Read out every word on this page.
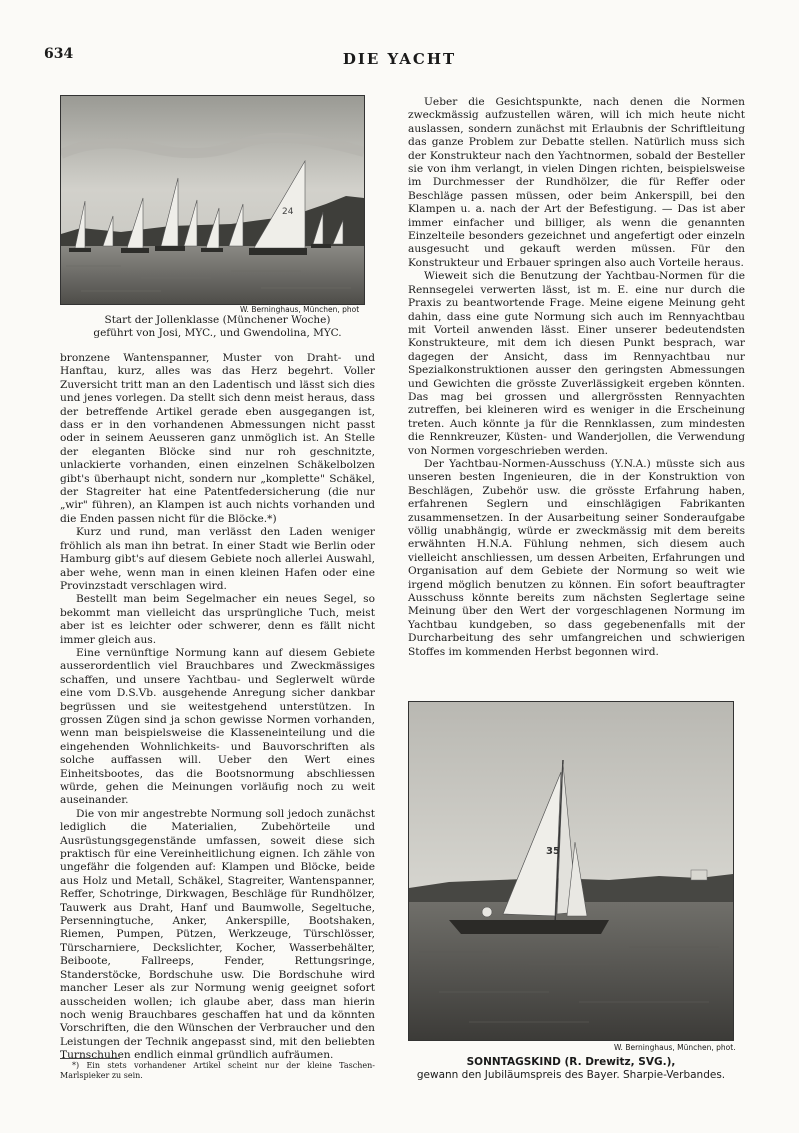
634	DIE YACHT
24
W. Berninghaus, München, phot
Start der Jollenklasse (Münchener Woche)
geführt von Josi, MYC., und Gwendolina, MYC.

bronzene Wantenspanner, Muster von Draht- und Hanftau, kurz, alles was das Herz begehrt. Voller Zuversicht tritt man an den Ladentisch und lässt sich dies und jenes vorlegen. Da stellt sich denn meist heraus, dass der betreffende Artikel gerade eben ausgegangen ist, dass er in den vorhandenen Abmessungen nicht passt oder in seinem Aeusseren ganz unmöglich ist. An Stelle der eleganten Blöcke sind nur roh geschnitzte, unlackierte vorhanden, einen einzelnen Schäkelbolzen gibt's überhaupt nicht, sondern nur „komplette" Schäkel, der Stagreiter hat eine Patentfedersicherung (die nur „wir" führen), an Klampen ist auch nichts vorhanden und die Enden passen nicht für die Blöcke.*)

Kurz und rund, man verlässt den Laden weniger fröhlich als man ihn betrat. In einer Stadt wie Berlin oder Hamburg gibt's auf diesem Gebiete noch allerlei Auswahl, aber wehe, wenn man in einen kleinen Hafen oder eine Provinzstadt verschlagen wird.

Bestellt man beim Segelmacher ein neues Segel, so bekommt man vielleicht das ursprüngliche Tuch, meist aber ist es leichter oder schwerer, denn es fällt nicht immer gleich aus.

Eine vernünftige Normung kann auf diesem Gebiete ausserordentlich viel Brauchbares und Zweckmässiges schaffen, und unsere Yachtbau- und Seglerwelt würde eine vom D.S.Vb. ausgehende Anregung sicher dankbar begrüssen und sie weitestgehend unterstützen. In grossen Zügen sind ja schon gewisse Normen vorhanden, wenn man beispielsweise die Klasseneinteilung und die eingehenden Wohnlichkeits- und Bauvorschriften als solche auffassen will. Ueber den Wert eines Einheitsbootes, das die Bootsnormung abschliessen würde, gehen die Meinungen vorläufig noch zu weit auseinander.

Die von mir angestrebte Normung soll jedoch zunächst lediglich die Materialien, Zubehörteile und Ausrüstungsgegenstände umfassen, soweit diese sich praktisch für eine Vereinheitlichung eignen. Ich zähle von ungefähr die folgenden auf: Klampen und Blöcke, beide aus Holz und Metall, Schäkel, Stagreiter, Wantenspanner, Reffer, Schotringe, Dirkwagen, Beschläge für Rundhölzer, Tauwerk aus Draht, Hanf und Baumwolle, Segeltuche, Persenningtuche, Anker, Ankerspille, Bootshaken, Riemen, Pumpen, Pützen, Werkzeuge, Türschlösser, Türscharniere, Deckslichter, Kocher, Wasserbehälter, Beiboote, Fallreeps, Fender, Rettungsringe, Standerstöcke, Bordschuhe usw. Die Bordschuhe wird mancher Leser als zur Normung wenig geeignet sofort ausscheiden wollen; ich glaube aber, dass man hierin noch wenig Brauchbares geschaffen hat und da könnten Vorschriften, die den Wünschen der Verbraucher und den Leistungen der Technik angepasst sind, mit den beliebten Turnschuhen endlich einmal gründlich aufräumen.

*) Ein stets vorhandener Artikel scheint nur der kleine Taschen-Marlspieker zu sein.

Ueber die Gesichtspunkte, nach denen die Normen zweckmässig aufzustellen wären, will ich mich heute nicht auslassen, sondern zunächst mit Erlaubnis der Schriftleitung das ganze Problem zur Debatte stellen. Natürlich muss sich der Konstrukteur nach den Yachtnormen, sobald der Besteller sie von ihm verlangt, in vielen Dingen richten, beispielsweise im Durchmesser der Rundhölzer, die für Reffer oder Beschläge passen müssen, oder beim Ankerspill, bei den Klampen u. a. nach der Art der Befestigung. — Das ist aber immer einfacher und billiger, als wenn die genannten Einzelteile besonders gezeichnet und angefertigt oder einzeln ausgesucht und gekauft werden müssen. Für den Konstrukteur und Erbauer springen also auch Vorteile heraus.

Wieweit sich die Benutzung der Yachtbau-Normen für die Rennsegelei verwerten lässt, ist m. E. eine nur durch die Praxis zu beantwortende Frage. Meine eigene Meinung geht dahin, dass eine gute Normung sich auch im Rennyachtbau mit Vorteil anwenden lässt. Einer unserer bedeutendsten Konstrukteure, mit dem ich diesen Punkt besprach, war dagegen der Ansicht, dass im Rennyachtbau nur Spezialkonstruktionen ausser den geringsten Abmessungen und Gewichten die grösste Zuverlässigkeit ergeben könnten. Das mag bei grossen und allergrössten Rennyachten zutreffen, bei kleineren wird es weniger in die Erscheinung treten. Auch könnte ja für die Rennklassen, zum mindesten die Rennkreuzer, Küsten- und Wanderjollen, die Verwendung von Normen vorgeschrieben werden.

Der Yachtbau-Normen-Ausschuss (Y.N.A.) müsste sich aus unseren besten Ingenieuren, die in der Konstruktion von Beschlägen, Zubehör usw. die grösste Erfahrung haben, erfahrenen Seglern und einschlägigen Fabrikanten zusammensetzen. In der Ausarbeitung seiner Sonderaufgabe völlig unabhängig, würde er zweckmässig mit dem bereits erwähnten H.N.A. Fühlung nehmen, sich diesem auch vielleicht anschliessen, um dessen Arbeiten, Erfahrungen und Organisation auf dem Gebiete der Normung so weit wie irgend möglich benutzen zu können. Ein sofort beauftragter Ausschuss könnte bereits zum nächsten Seglertage seine Meinung über den Wert der vorgeschlagenen Normung im Yachtbau kundgeben, so dass gegebenenfalls mit der Durcharbeitung des sehr umfangreichen und schwierigen Stoffes im kommenden Herbst begonnen wird.

35
W. Berninghaus, München, phot.
SONNTAGSKIND (R. Drewitz, SVG.),
gewann den Jubiläumspreis des Bayer. Sharpie-Verbandes.
